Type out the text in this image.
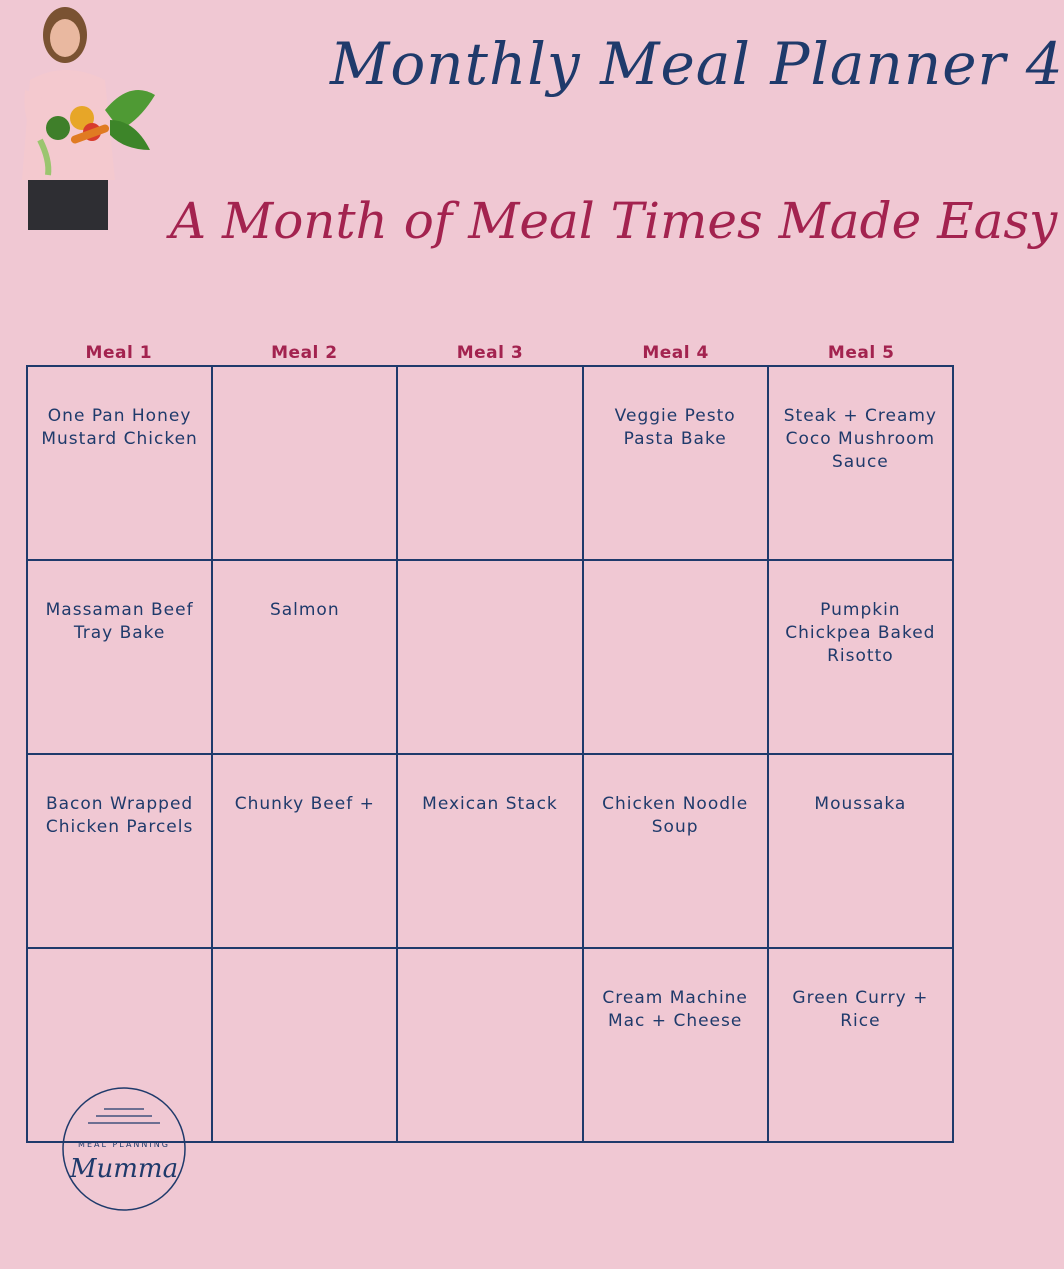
Monthly Meal Planner 4
A Month of Meal Times Made Easy
Meal 1	Meal 2	Meal 3	Meal 4	Meal 5
One Pan Honey Mustard Chicken			Veggie Pesto Pasta Bake	Steak + Creamy Coco Mushroom Sauce
Massaman Beef Tray Bake	Salmon			Pumpkin Chickpea Baked Risotto
Bacon Wrapped Chicken Parcels	Chunky Beef +	Mexican Stack	Chicken Noodle Soup	Moussaka
			Cream Machine Mac + Cheese	Green Curry + Rice
MEAL PLANNING
Mumma
